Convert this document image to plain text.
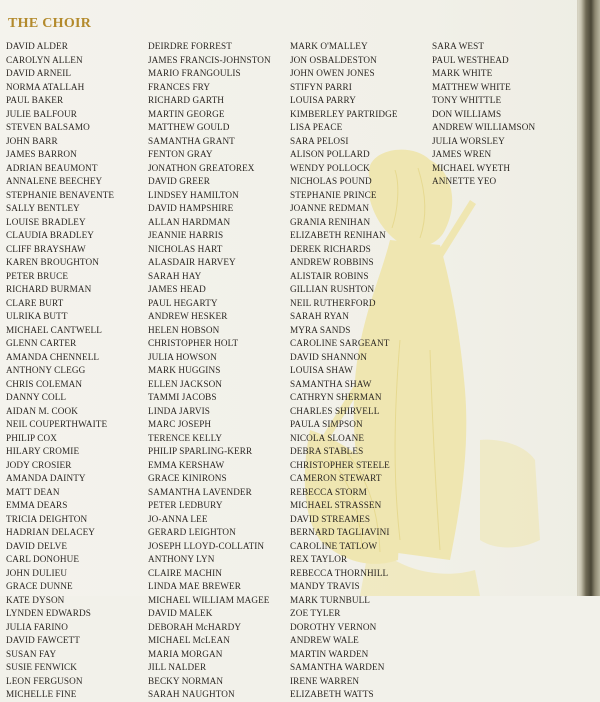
THE CHOIR
DAVID ALDER
CAROLYN ALLEN
DAVID ARNEIL
NORMA ATALLAH
PAUL BAKER
JULIE BALFOUR
STEVEN BALSAMO
JOHN BARR
JAMES BARRON
ADRIAN BEAUMONT
ANNALENE BEECHEY
STEPHANIE BENAVENTE
SALLY BENTLEY
LOUISE BRADLEY
CLAUDIA BRADLEY
CLIFF BRAYSHAW
KAREN BROUGHTON
PETER BRUCE
RICHARD BURMAN
CLARE BURT
ULRIKA BUTT
MICHAEL CANTWELL
GLENN CARTER
AMANDA CHENNELL
ANTHONY CLEGG
CHRIS COLEMAN
DANNY COLL
AIDAN M. COOK
NEIL COUPERTHWAITE
PHILIP COX
HILARY CROMIE
JODY CROSIER
AMANDA DAINTY
MATT DEAN
EMMA DEARS
TRICIA DEIGHTON
HADRIAN DELACEY
DAVID DELVE
CARL DONOHUE
JOHN DULIEU
GRACE DUNNE
KATE DYSON
LYNDEN EDWARDS
JULIA FARINO
DAVID FAWCETT
SUSAN FAY
SUSIE FENWICK
LEON FERGUSON
MICHELLE FINE
DEIRDRE FORREST
JAMES FRANCIS-JOHNSTON
MARIO FRANGOULIS
FRANCES FRY
RICHARD GARTH
MARTIN GEORGE
MATTHEW GOULD
SAMANTHA GRANT
FENTON GRAY
JONATHON GREATOREX
DAVID GREER
LINDSEY HAMILTON
DAVID HAMPSHIRE
ALLAN HARDMAN
JEANNIE HARRIS
NICHOLAS HART
ALASDAIR HARVEY
SARAH HAY
JAMES HEAD
PAUL HEGARTY
ANDREW HESKER
HELEN HOBSON
CHRISTOPHER HOLT
JULIA HOWSON
MARK HUGGINS
ELLEN JACKSON
TAMMI JACOBS
LINDA JARVIS
MARC JOSEPH
TERENCE KELLY
PHILIP SPARLING-KERR
EMMA KERSHAW
GRACE KINIRONS
SAMANTHA LAVENDER
PETER LEDBURY
JO-ANNA LEE
GERARD LEIGHTON
JOSEPH LLOYD-COLLATIN
ANTHONY LYN
CLAIRE MACHIN
LINDA MAE BREWER
MICHAEL WILLIAM MAGEE
DAVID MALEK
DEBORAH McHARDY
MICHAEL McLEAN
MARIA MORGAN
JILL NALDER
BECKY NORMAN
SARAH NAUGHTON
MARK O'MALLEY
JON OSBALDESTON
JOHN OWEN JONES
STIFYN PARRI
LOUISA PARRY
KIMBERLEY PARTRIDGE
LISA PEACE
SARA PELOSI
ALISON POLLARD
WENDY POLLOCK
NICHOLAS POUND
STEPHANIE PRINCE
JOANNE REDMAN
GRANIA RENIHAN
ELIZABETH RENIHAN
DEREK RICHARDS
ANDREW ROBBINS
ALISTAIR ROBINS
GILLIAN RUSHTON
NEIL RUTHERFORD
SARAH RYAN
MYRA SANDS
CAROLINE SARGEANT
DAVID SHANNON
LOUISA SHAW
SAMANTHA SHAW
CATHRYN SHERMAN
CHARLES SHIRVELL
PAULA SIMPSON
NICOLA SLOANE
DEBRA STABLES
CHRISTOPHER STEELE
CAMERON STEWART
REBECCA STORM
MICHAEL STRASSEN
DAVID STREAMES
BERNARD TAGLIAVINI
CAROLINE TATLOW
REX TAYLOR
REBECCA THORNHILL
MANDY TRAVIS
MARK TURNBULL
ZOE TYLER
DOROTHY VERNON
ANDREW WALE
MARTIN WARDEN
SAMANTHA WARDEN
IRENE WARREN
ELIZABETH WATTS
SARA WEST
PAUL WESTHEAD
MARK WHITE
MATTHEW WHITE
TONY WHITTLE
DON WILLIAMS
ANDREW WILLIAMSON
JULIA WORSLEY
JAMES WREN
MICHAEL WYETH
ANNETTE YEO
